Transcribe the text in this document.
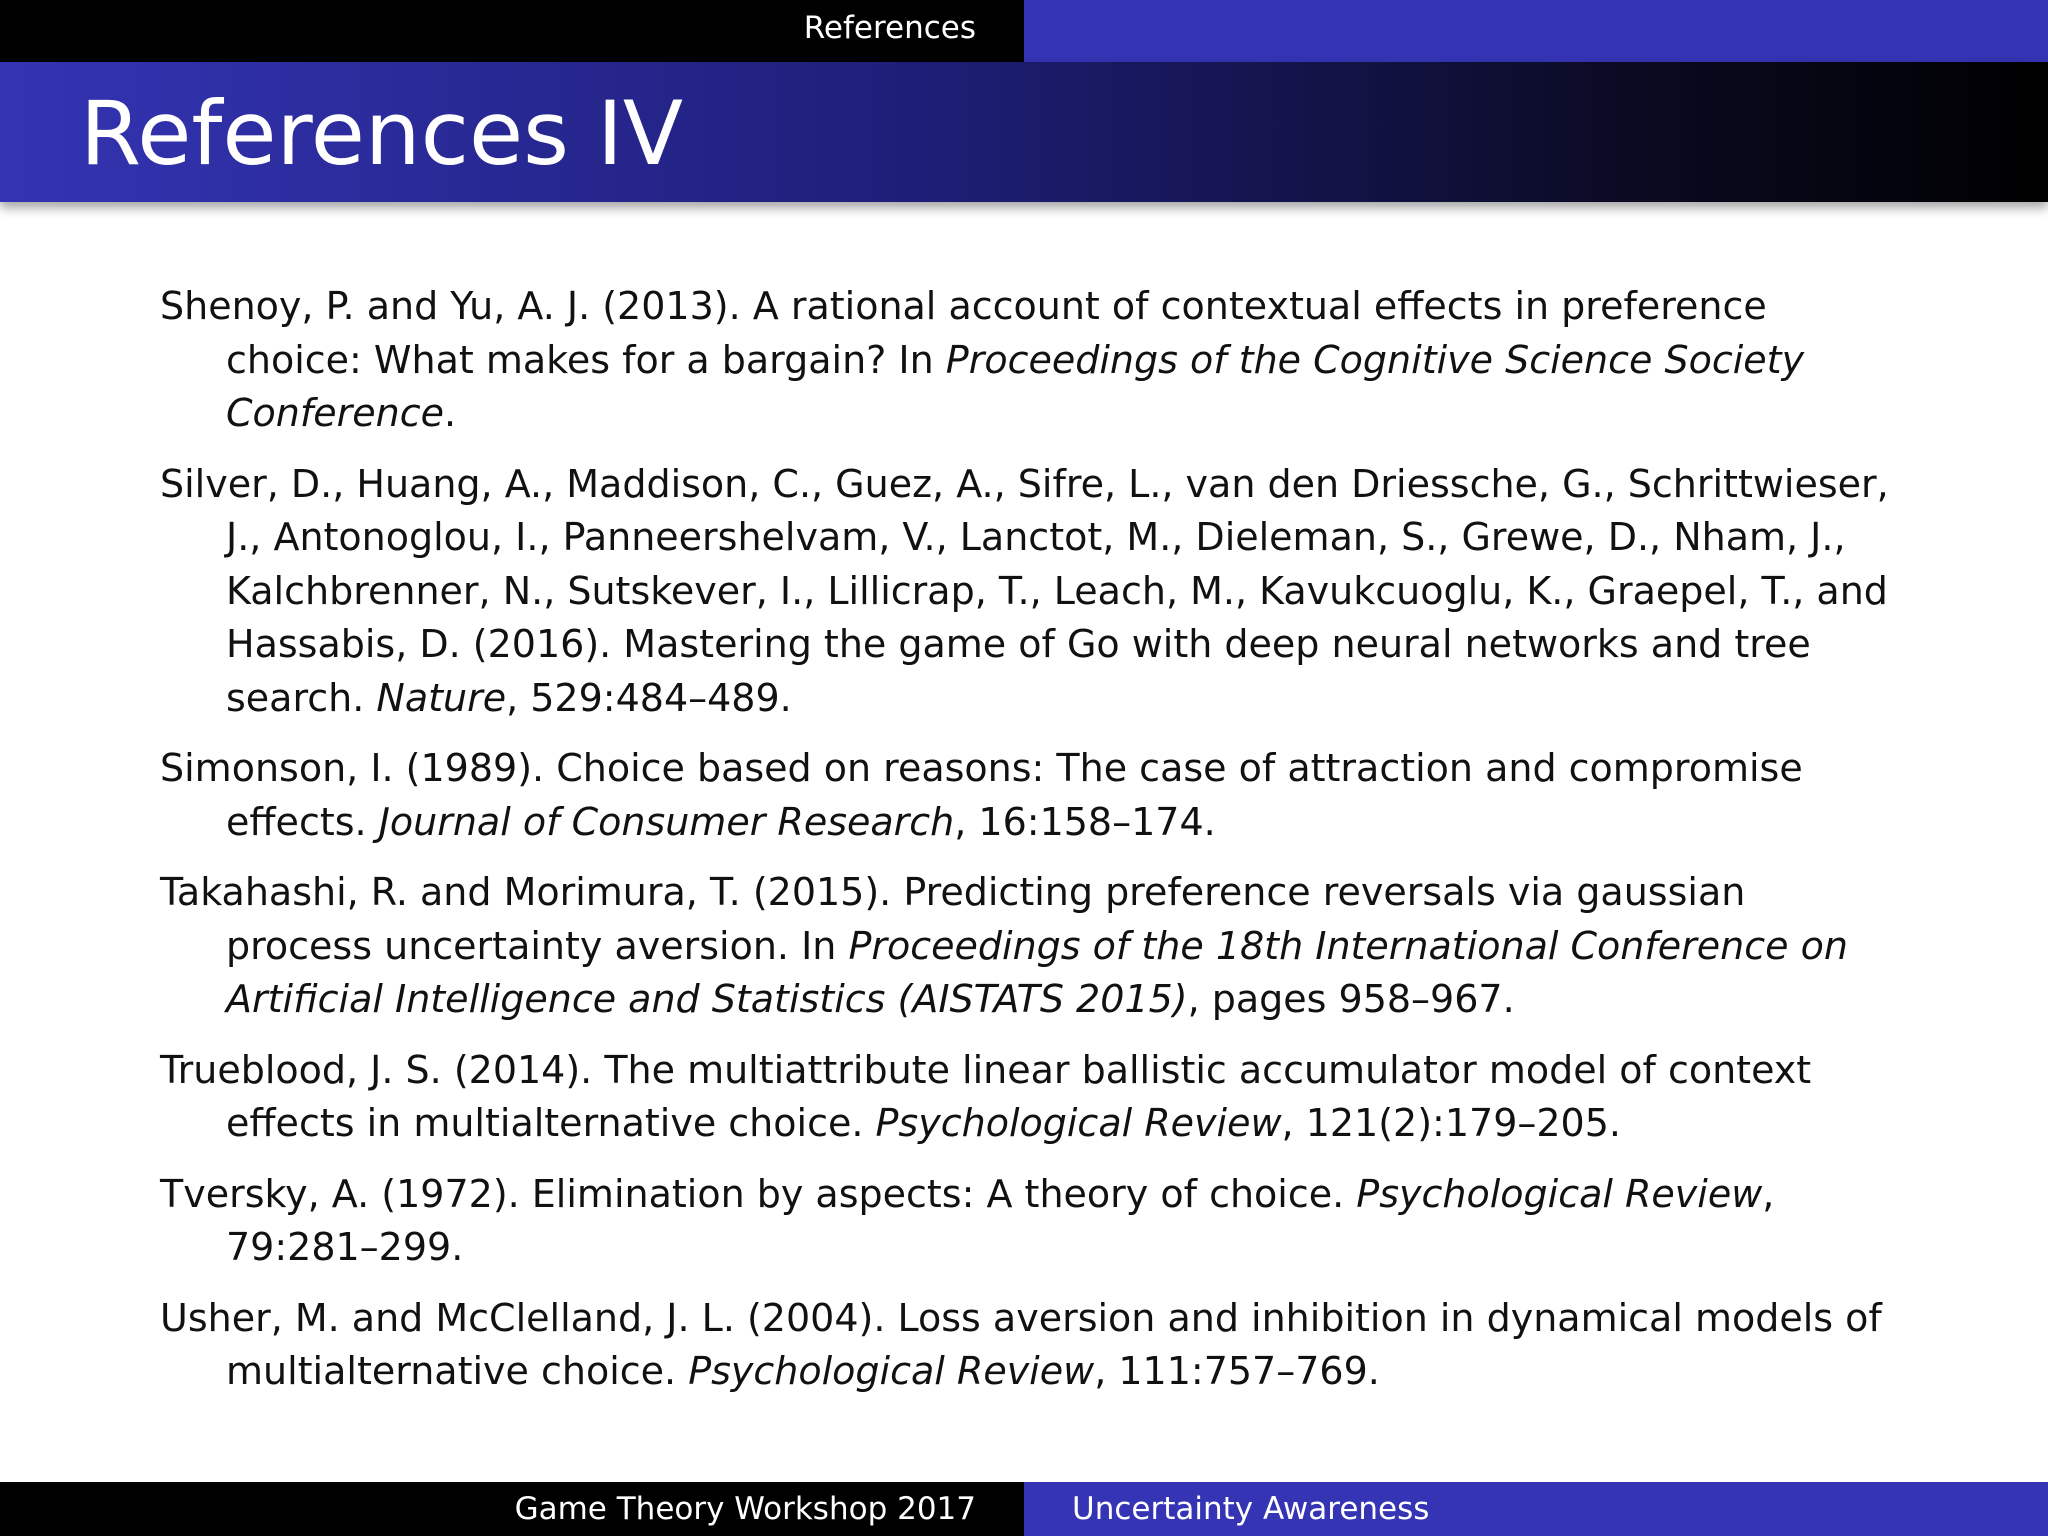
References
References IV
Shenoy, P. and Yu, A. J. (2013). A rational account of contextual effects in preference choice: What makes for a bargain? In Proceedings of the Cognitive Science Society Conference.
Silver, D., Huang, A., Maddison, C., Guez, A., Sifre, L., van den Driessche, G., Schrittwieser, J., Antonoglou, I., Panneershelvam, V., Lanctot, M., Dieleman, S., Grewe, D., Nham, J., Kalchbrenner, N., Sutskever, I., Lillicrap, T., Leach, M., Kavukcuoglu, K., Graepel, T., and Hassabis, D. (2016). Mastering the game of Go with deep neural networks and tree search. Nature, 529:484–489.
Simonson, I. (1989). Choice based on reasons: The case of attraction and compromise effects. Journal of Consumer Research, 16:158–174.
Takahashi, R. and Morimura, T. (2015). Predicting preference reversals via gaussian process uncertainty aversion. In Proceedings of the 18th International Conference on Artificial Intelligence and Statistics (AISTATS 2015), pages 958–967.
Trueblood, J. S. (2014). The multiattribute linear ballistic accumulator model of context effects in multialternative choice. Psychological Review, 121(2):179–205.
Tversky, A. (1972). Elimination by aspects: A theory of choice. Psychological Review, 79:281–299.
Usher, M. and McClelland, J. L. (2004). Loss aversion and inhibition in dynamical models of multialternative choice. Psychological Review, 111:757–769.
Game Theory Workshop 2017	Uncertainty Awareness
